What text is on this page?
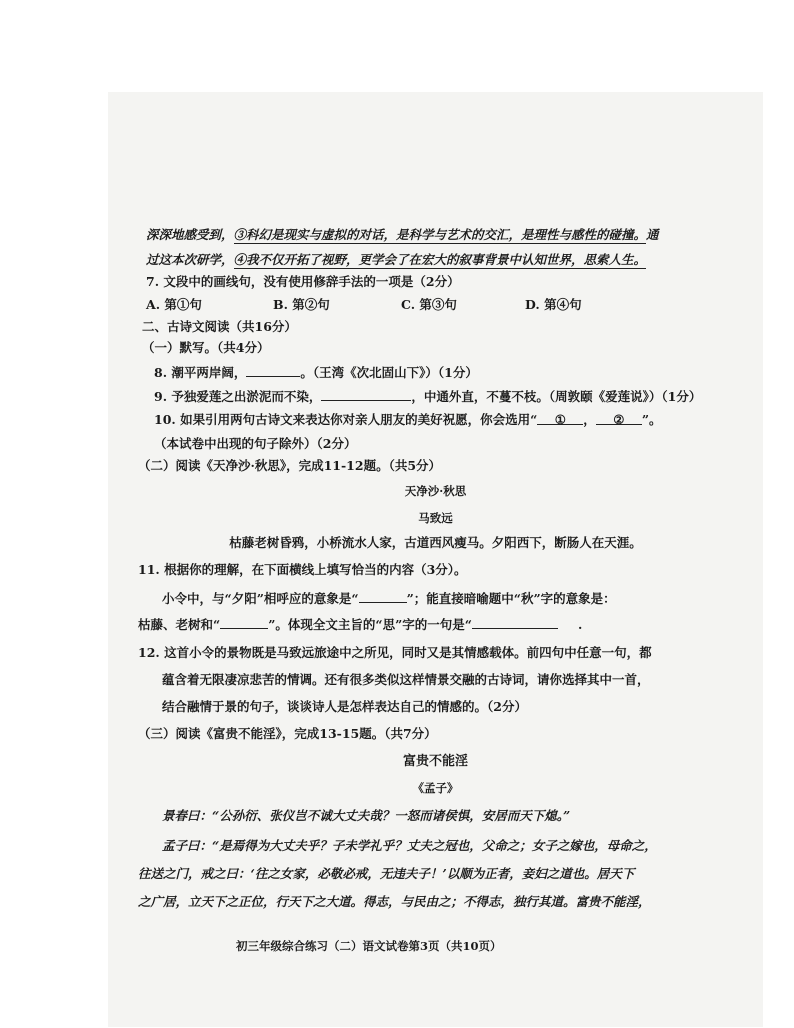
深深地感受到，③科幻是现实与虚拟的对话，是科学与艺术的交汇，是理性与感性的碰撞。通
过这本次研学，④我不仅开拓了视野，更学会了在宏大的叙事背景中认知世界，思索人生。
7. 文段中的画线句，没有使用修辞手法的一项是（2分）
A. 第①句	B. 第②句	C. 第③句	D. 第④句
二、古诗文阅读（共16分）
（一）默写。（共4分）
8. 潮平两岸阔，	。（王湾《次北固山下》）（1分）
9. 予独爱莲之出淤泥而不染，	，中通外直，不蔓不枝。（周敦颐《爱莲说》）（1分）
10. 如果引用两句古诗文来表达你对亲人朋友的美好祝愿，你会选用“ ① ， ② ”。
（本试卷中出现的句子除外）（2分）
（二）阅读《天净沙·秋思》，完成11-12题。（共5分）
天净沙·秋思
马致远
枯藤老树昏鸦，小桥流水人家，古道西风瘦马。夕阳西下，断肠人在天涯。
11. 根据你的理解，在下面横线上填写恰当的内容（3分）。
小令中，与“夕阳”相呼应的意象是“	”；能直接暗喻题中“秋”字的意象是：
枯藤、老树和“	”。体现全文主旨的“思”字的一句是“	.
12. 这首小令的景物既是马致远旅途中之所见，同时又是其情感载体。前四句中任意一句，都
蕴含着无限凄凉悲苦的情调。还有很多类似这样情景交融的古诗词，请你选择其中一首，
结合融情于景的句子，谈谈诗人是怎样表达自己的情感的。（2分）
（三）阅读《富贵不能淫》，完成13-15题。（共7分）
富贵不能淫
《孟子》
景春曰：“公孙衍、张仪岂不诚大丈夫哉？一怒而诸侯惧，安居而天下熄。”
孟子曰：“是焉得为大丈夫乎？子未学礼乎？丈夫之冠也，父命之；女子之嫁也，母命之，
往送之门，戒之曰：‘往之女家，必敬必戒，无违夫子！’以顺为正者，妾妇之道也。居天下
之广居，立天下之正位，行天下之大道。得志，与民由之；不得志，独行其道。富贵不能淫，
初三年级综合练习（二）语文试卷第3页（共10页）
